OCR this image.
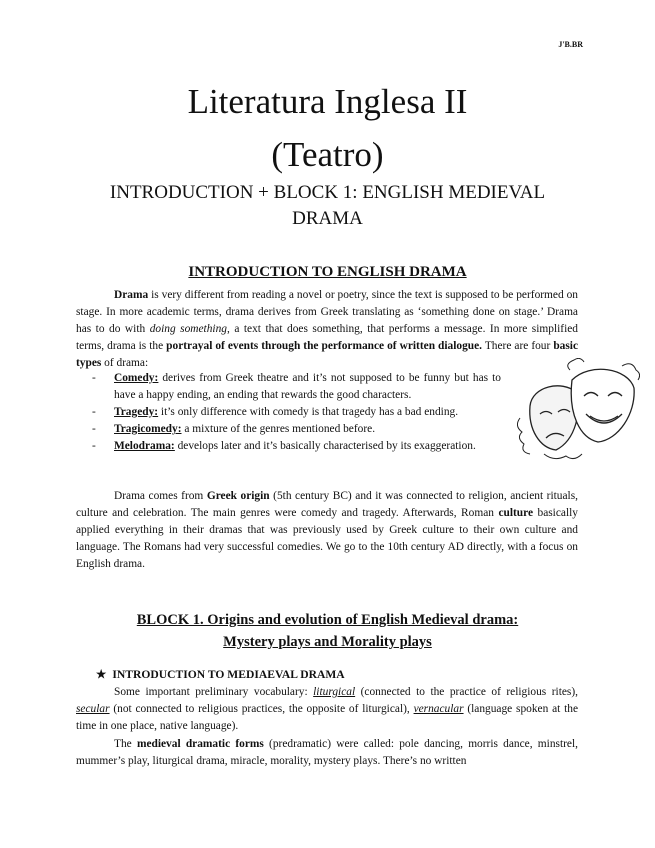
J'B.BR
Literatura Inglesa II
(Teatro)
INTRODUCTION + BLOCK 1: ENGLISH MEDIEVAL DRAMA
INTRODUCTION TO ENGLISH DRAMA
Drama is very different from reading a novel or poetry, since the text is supposed to be performed on stage. In more academic terms, drama derives from Greek translating as ‘something done on stage.’ Drama has to do with doing something, a text that does something, that performs a message. In more simplified terms, drama is the portrayal of events through the performance of written dialogue. There are four basic types of drama:
- Comedy: derives from Greek theatre and it’s not supposed to be funny but has to have a happy ending, an ending that rewards the good characters.
- Tragedy: it’s only difference with comedy is that tragedy has a bad ending.
- Tragicomedy: a mixture of the genres mentioned before.
- Melodrama: develops later and it’s basically characterised by its exaggeration.
Drama comes from Greek origin (5th century BC) and it was connected to religion, ancient rituals, culture and celebration. The main genres were comedy and tragedy. Afterwards, Roman culture basically applied everything in their dramas that was previously used by Greek culture to their own culture and language. The Romans had very successful comedies. We go to the 10th century AD directly, with a focus on English drama.
BLOCK 1. Origins and evolution of English Medieval drama:
Mystery plays and Morality plays
★ INTRODUCTION TO MEDIAEVAL DRAMA
Some important preliminary vocabulary: liturgical (connected to the practice of religious rites), secular (not connected to religious practices, the opposite of liturgical), vernacular (language spoken at the time in one place, native language).
The medieval dramatic forms (predramatic) were called: pole dancing, morris dance, minstrel, mummer’s play, liturgical drama, miracle, morality, mystery plays. There’s no written
